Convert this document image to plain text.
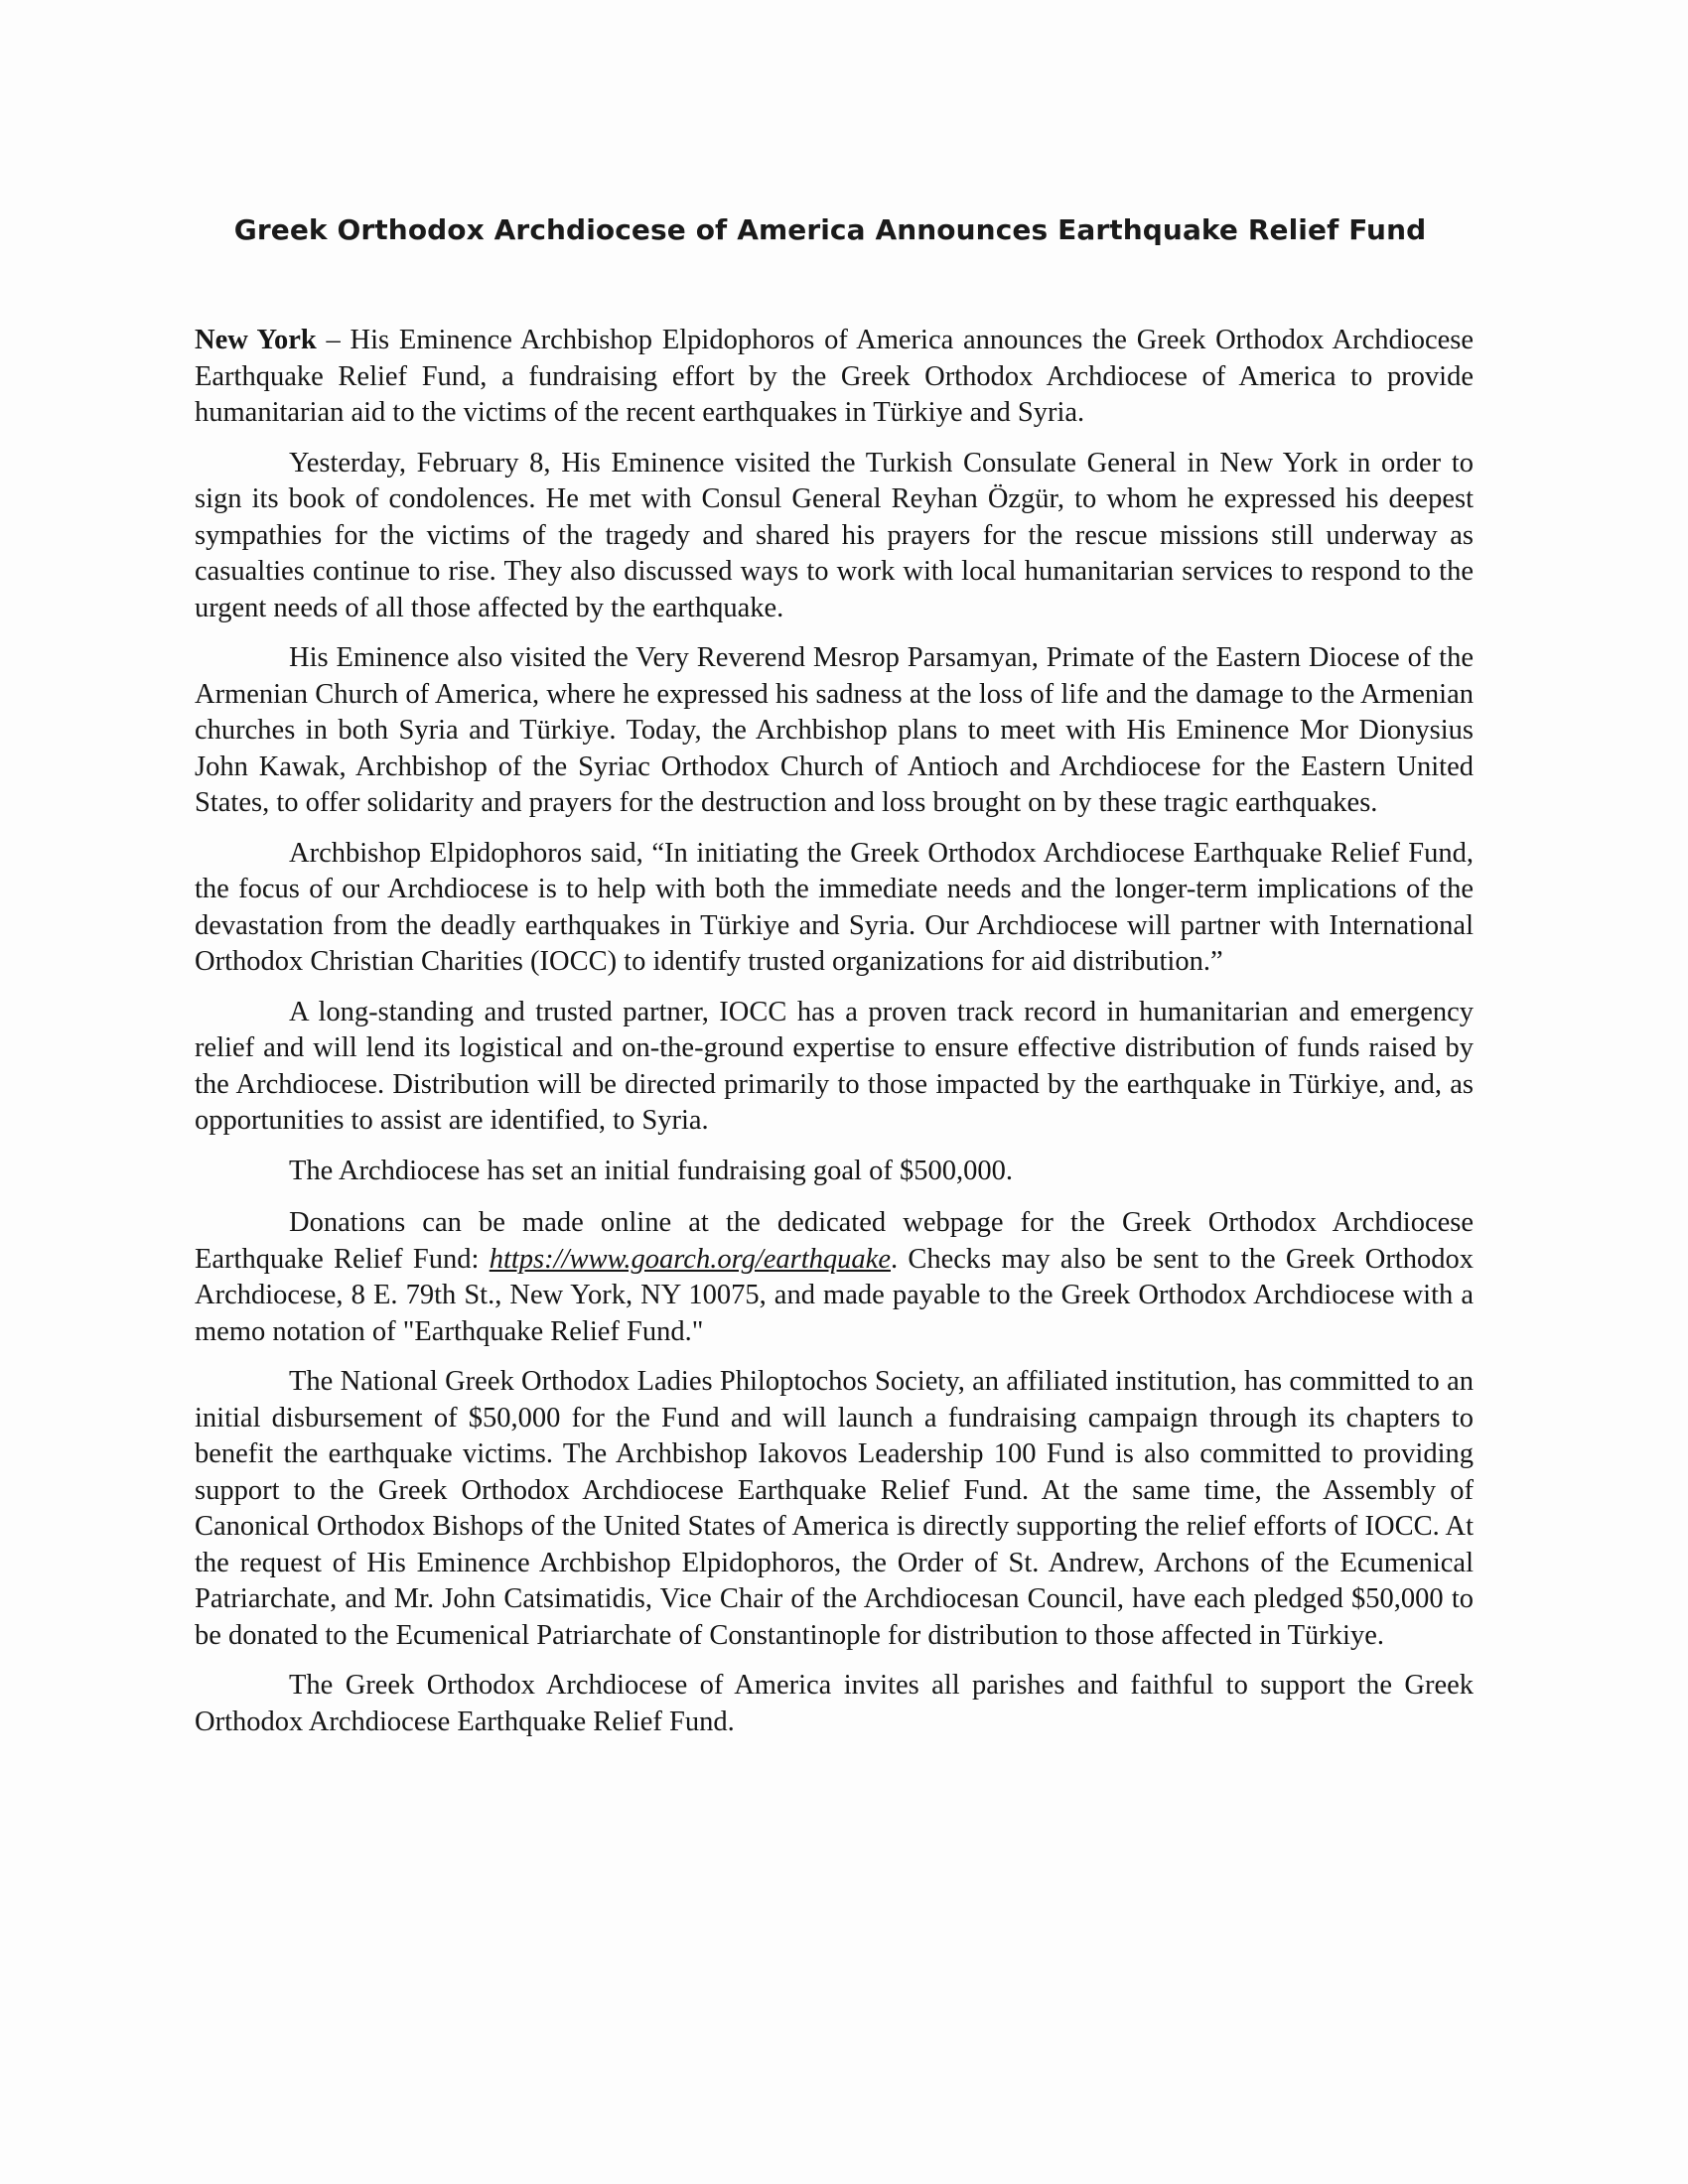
Greek Orthodox Archdiocese of America Announces Earthquake Relief Fund

New York – His Eminence Archbishop Elpidophoros of America announces the Greek Orthodox Archdiocese Earthquake Relief Fund, a fundraising effort by the Greek Orthodox Archdiocese of America to provide humanitarian aid to the victims of the recent earthquakes in Türkiye and Syria.

Yesterday, February 8, His Eminence visited the Turkish Consulate General in New York in order to sign its book of condolences. He met with Consul General Reyhan Özgür, to whom he expressed his deepest sympathies for the victims of the tragedy and shared his prayers for the rescue missions still underway as casualties continue to rise. They also discussed ways to work with local humanitarian services to respond to the urgent needs of all those affected by the earthquake.

His Eminence also visited the Very Reverend Mesrop Parsamyan, Primate of the Eastern Diocese of the Armenian Church of America, where he expressed his sadness at the loss of life and the damage to the Armenian churches in both Syria and Türkiye. Today, the Archbishop plans to meet with His Eminence Mor Dionysius John Kawak, Archbishop of the Syriac Orthodox Church of Antioch and Archdiocese for the Eastern United States, to offer solidarity and prayers for the destruction and loss brought on by these tragic earthquakes.

Archbishop Elpidophoros said, “In initiating the Greek Orthodox Archdiocese Earthquake Relief Fund, the focus of our Archdiocese is to help with both the immediate needs and the longer-term implications of the devastation from the deadly earthquakes in Türkiye and Syria. Our Archdiocese will partner with International Orthodox Christian Charities (IOCC) to identify trusted organizations for aid distribution.”

A long-standing and trusted partner, IOCC has a proven track record in humanitarian and emergency relief and will lend its logistical and on-the-ground expertise to ensure effective distribution of funds raised by the Archdiocese. Distribution will be directed primarily to those impacted by the earthquake in Türkiye, and, as opportunities to assist are identified, to Syria.

The Archdiocese has set an initial fundraising goal of $500,000.

Donations can be made online at the dedicated webpage for the Greek Orthodox Archdiocese Earthquake Relief Fund: https://www.goarch.org/earthquake. Checks may also be sent to the Greek Orthodox Archdiocese, 8 E. 79th St., New York, NY 10075, and made payable to the Greek Orthodox Archdiocese with a memo notation of "Earthquake Relief Fund."

The National Greek Orthodox Ladies Philoptochos Society, an affiliated institution, has committed to an initial disbursement of $50,000 for the Fund and will launch a fundraising campaign through its chapters to benefit the earthquake victims. The Archbishop Iakovos Leadership 100 Fund is also committed to providing support to the Greek Orthodox Archdiocese Earthquake Relief Fund. At the same time, the Assembly of Canonical Orthodox Bishops of the United States of America is directly supporting the relief efforts of IOCC. At the request of His Eminence Archbishop Elpidophoros, the Order of St. Andrew, Archons of the Ecumenical Patriarchate, and Mr. John Catsimatidis, Vice Chair of the Archdiocesan Council, have each pledged $50,000 to be donated to the Ecumenical Patriarchate of Constantinople for distribution to those affected in Türkiye.

The Greek Orthodox Archdiocese of America invites all parishes and faithful to support the Greek Orthodox Archdiocese Earthquake Relief Fund.
